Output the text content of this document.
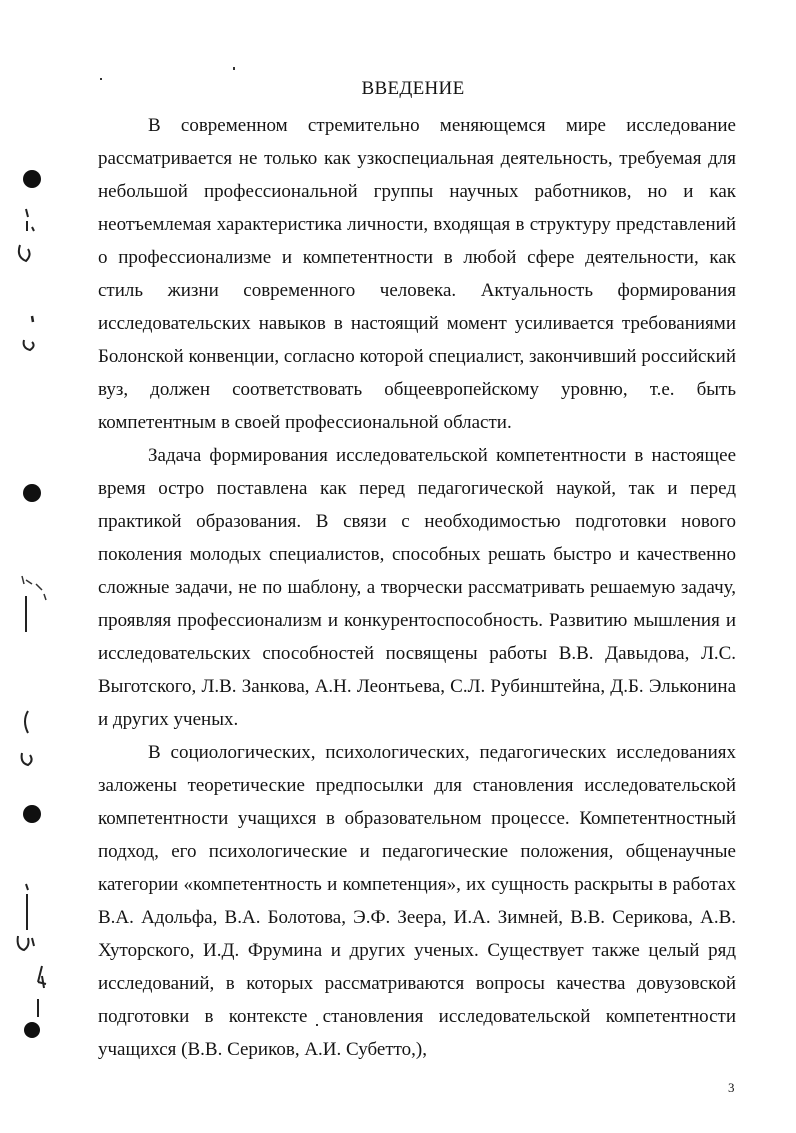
ВВЕДЕНИЕ

В современном стремительно меняющемся мире исследование рассматривается не только как узкоспециальная деятельность, требуемая для небольшой профессиональной группы научных работников, но и как неотъемлемая характеристика личности, входящая в структуру представлений о профессионализме и компетентности в любой сфере деятельности, как стиль жизни современного человека. Актуальность формирования исследовательских навыков в настоящий момент усиливается требованиями Болонской конвенции, согласно которой специалист, закончивший российский вуз, должен соответствовать общеевропейскому уровню, т.е. быть компетентным в своей профессиональной области.

Задача формирования исследовательской компетентности в настоящее время остро поставлена как перед педагогической наукой, так и перед практикой образования. В связи с необходимостью подготовки нового поколения молодых специалистов, способных решать быстро и качественно сложные задачи, не по шаблону, а творчески рассматривать решаемую задачу, проявляя профессионализм и конкурентоспособность. Развитию мышления и исследовательских способностей посвящены работы В.В. Давыдова, Л.С. Выготского, Л.В. Занкова, А.Н. Леонтьева, С.Л. Рубинштейна, Д.Б. Эльконина и других ученых.

В социологических, психологических, педагогических исследованиях заложены теоретические предпосылки для становления исследовательской компетентности учащихся в образовательном процессе. Компетентностный подход, его психологические и педагогические положения, общенаучные категории «компетентность и компетенция», их сущность раскрыты в работах В.А. Адольфа, В.А. Болотова, Э.Ф. Зеера, И.А. Зимней, В.В. Серикова, А.В. Хуторского, И.Д. Фрумина и других ученых. Существует также целый ряд исследований, в которых рассматриваются вопросы качества довузовской подготовки в контексте становления исследовательской компетентности учащихся (В.В. Сериков, А.И. Субетто,),

3
